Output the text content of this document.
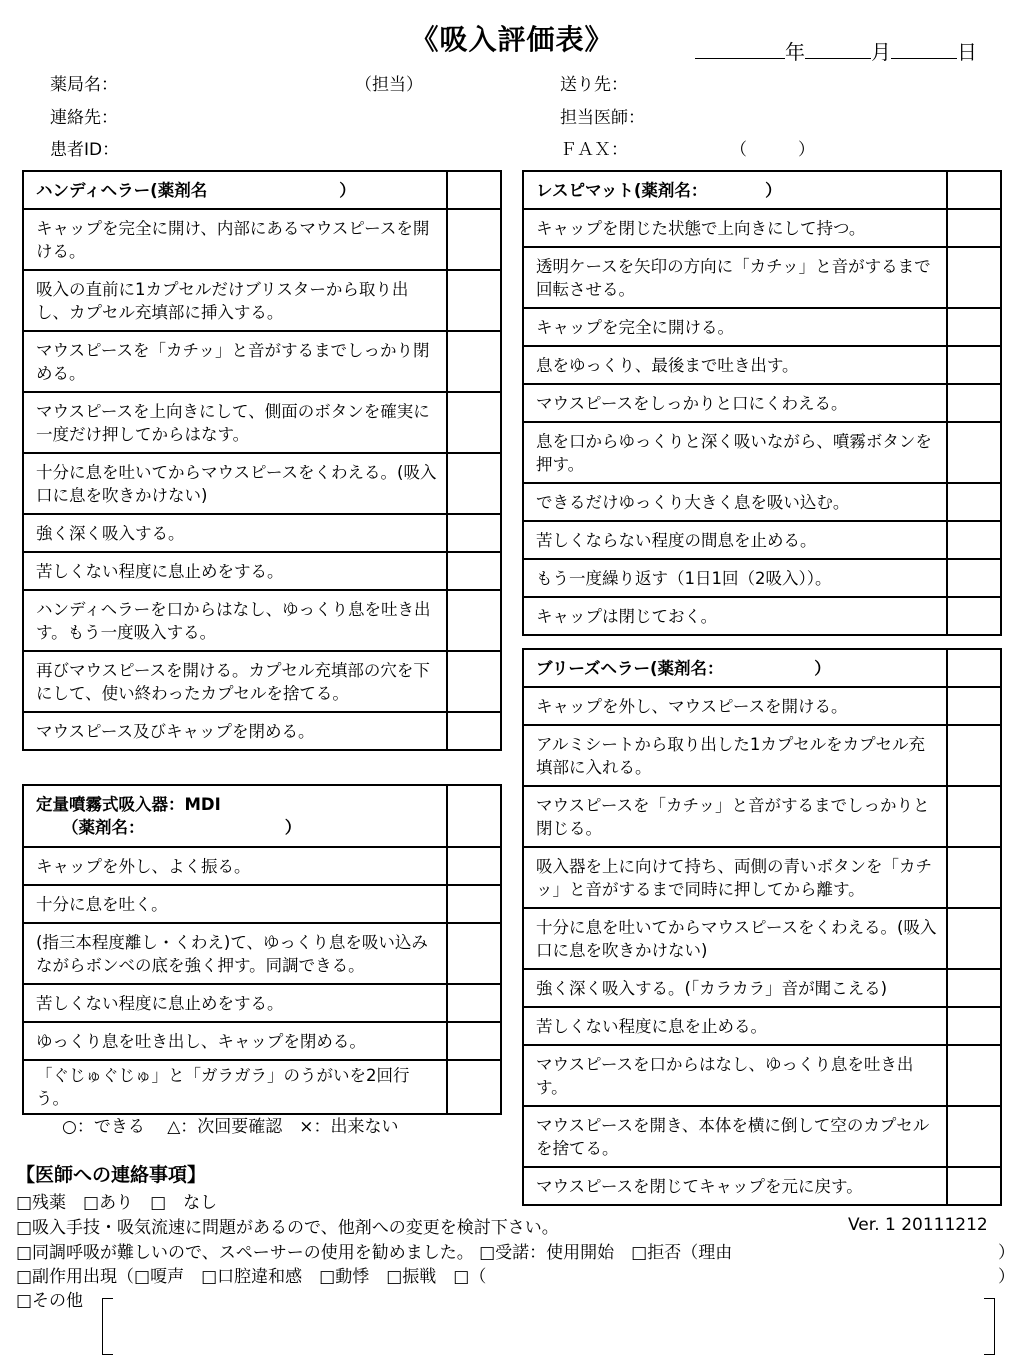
《吸入評価表》	年	月	日
薬局名：	（担当）
連絡先：
患者ID：
送り先：
担当医師：
ＦＡＸ：	（　　　）
ハンディヘラー(薬剤名　　　　　　　　）	
キャップを完全に開け、内部にあるマウスピースを開ける。	
吸入の直前に1カプセルだけブリスターから取り出し、カプセル充填部に挿入する。	
マウスピースを「カチッ」と音がするまでしっかり閉める。	
マウスピースを上向きにして、側面のボタンを確実に一度だけ押してからはなす。	
十分に息を吐いてからマウスピースをくわえる。(吸入口に息を吹きかけない)	
強く深く吸入する。	
苦しくない程度に息止めをする。	
ハンディヘラーを口からはなし、ゆっくり息を吐き出す。もう一度吸入する。	
再びマウスピースを開ける。カプセル充填部の穴を下にして、使い終わったカプセルを捨てる。	
マウスピース及びキャップを閉める。	
定量噴霧式吸入器：MDI
（薬剤名：　　　　　　　　　）	

キャップを外し、よく振る。	
十分に息を吐く。	
(指三本程度離し・くわえ)て、ゆっくり息を吸い込みながらボンベの底を強く押す。同調できる。	
苦しくない程度に息止めをする。	
ゆっくり息を吐き出し、キャップを閉める。	
「ぐじゅぐじゅ」と「ガラガラ」のうがいを2回行う。	
レスピマット(薬剤名：　　　　）	
キャップを閉じた状態で上向きにして持つ。	
透明ケースを矢印の方向に「カチッ」と音がするまで回転させる。	
キャップを完全に開ける。	
息をゆっくり、最後まで吐き出す。	
マウスピースをしっかりと口にくわえる。	
息を口からゆっくりと深く吸いながら、噴霧ボタンを押す。	
できるだけゆっくり大きく息を吸い込む。	
苦しくならない程度の間息を止める。	
もう一度繰り返す（1日1回（2吸入））。	
キャップは閉じておく。	
ブリーズヘラー(薬剤名：　　　　　　）	
キャップを外し、マウスピースを開ける。	
アルミシートから取り出した1カプセルをカプセル充填部に入れる。	
マウスピースを「カチッ」と音がするまでしっかりと閉じる。	
吸入器を上に向けて持ち、両側の青いボタンを「カチッ」と音がするまで同時に押してから離す。	
十分に息を吐いてからマウスピースをくわえる。(吸入口に息を吹きかけない)	
強く深く吸入する。(「カラカラ」音が聞こえる)	
苦しくない程度に息を止める。	
マウスピースを口からはなし、ゆっくり息を吐き出す。	
マウスピースを開き、本体を横に倒して空のカプセルを捨てる。	
マウスピースを閉じてキャップを元に戻す。	
○：できる　 △：次回要確認　×：出来ない
【医師への連絡事項】
□残薬　□あり　□　なし
□吸入手技・吸気流速に問題があるので、他剤への変更を検討下さい。
□同調呼吸が難しいので、スペーサーの使用を勧めました。 □受諾：使用開始　□拒否（理由	）
□副作用出現（□嗄声　□口腔違和感　□動悸　□振戦　□（	）
□その他
Ver. 1 20111212
